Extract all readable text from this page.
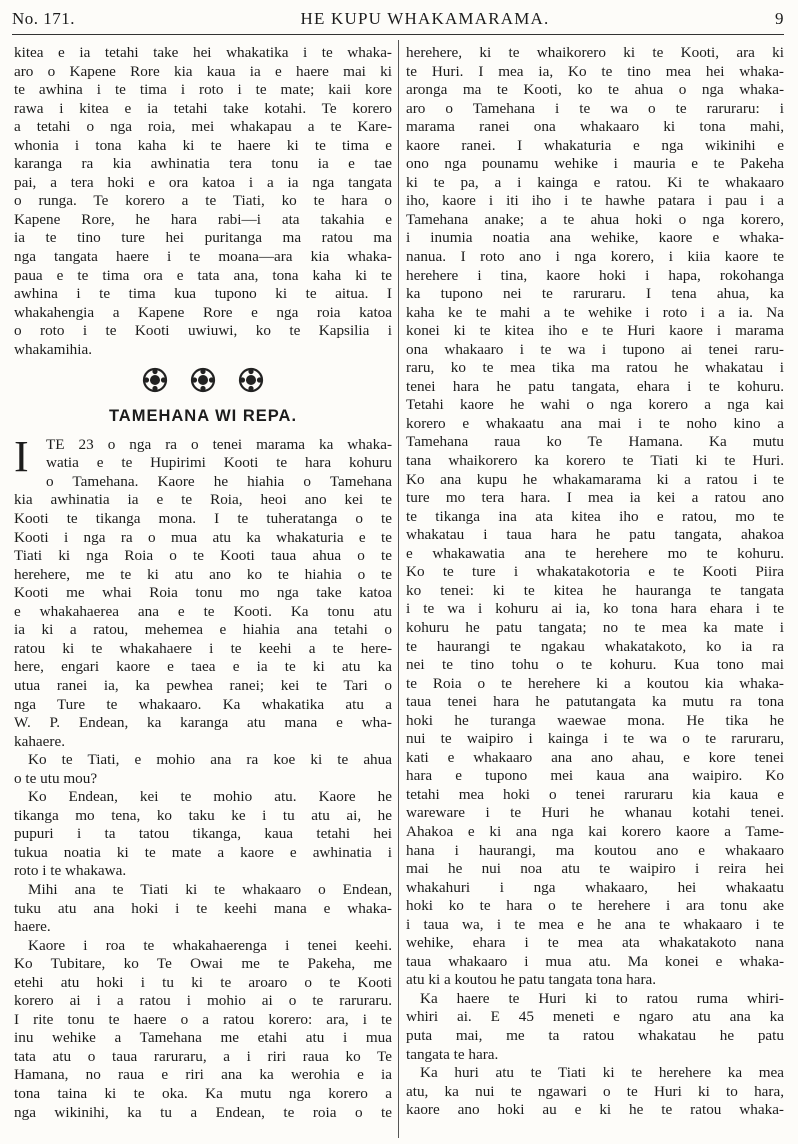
No. 171.	HE KUPU WHAKAMARAMA.	9
kitea e ia tetahi take hei whakatika i te whaka-
aro o Kapene Rore kia kaua ia e haere mai ki
te awhina i te tima i roto i te mate; kaii kore
rawa i kitea e ia tetahi take kotahi. Te korero
a tetahi o nga roia, mei whakapau a te Kare-
whonia i tona kaha ki te haere ki te tima e
karanga ra kia awhinatia tera tonu ia e tae
pai, a tera hoki e ora katoa i a ia nga tangata
o runga. Te korero a te Tiati, ko te hara o
Kapene Rore, he hara rabi—i ata takahia e
ia te tino ture hei puritanga ma ratou ma
nga tangata haere i te moana—ara kia whaka-
paua e te tima ora e tata ana, tona kaha ki te
awhina i te tima kua tupono ki te aitua. I
whakahengia a Kapene Rore e nga roia katoa
o roto i te Kooti uwiuwi, ko te Kapsilia i
whakamihia.
TAMEHANA WI REPA.
I	TE 23 o nga ra o tenei marama ka whaka-
watia e te Hupirimi Kooti te hara kohuru
o Tamehana. Kaore he hiahia o Tamehana
kia awhinatia ia e te Roia, heoi ano kei te
Kooti te tikanga mona. I te tuheratanga o te
Kooti i nga ra o mua atu ka whakaturia e te
Tiati ki nga Roia o te Kooti taua ahua o te
herehere, me te ki atu ano ko te hiahia o te
Kooti me whai Roia tonu mo nga take katoa
e whakahaerea ana e te Kooti. Ka tonu atu
ia ki a ratou, mehemea e hiahia ana tetahi o
ratou ki te whakahaere i te keehi a te here-
here, engari kaore e taea e ia te ki atu ka
utua ranei ia, ka pewhea ranei; kei te Tari o
nga Ture te whakaaro. Ka whakatika atu a
W. P. Endean, ka karanga atu mana e wha-
kahaere.
Ko te Tiati, e mohio ana ra koe ki te ahua
o te utu mou?
Ko Endean, kei te mohio atu. Kaore he
tikanga mo tena, ko taku ke i tu atu ai, he
pupuri i ta tatou tikanga, kaua tetahi hei
tukua noatia ki te mate a kaore e awhinatia i
roto i te whakawa.
Mihi ana te Tiati ki te whakaaro o Endean,
tuku atu ana hoki i te keehi mana e whaka-
haere.
Kaore i roa te whakahaerenga i tenei keehi.
Ko Tubitare, ko Te Owai me te Pakeha, me
etehi atu hoki i tu ki te aroaro o te Kooti
korero ai i a ratou i mohio ai o te raruraru.
I rite tonu te haere o a ratou korero: ara, i te
inu wehike a Tamehana me etahi atu i mua
tata atu o taua raruraru, a i riri raua ko Te
Hamana, no raua e riri ana ka werohia e ia
tona taina ki te oka. Ka mutu nga korero a
nga wikinihi, ka tu a Endean, te roia o te
herehere, ki te whaikorero ki te Kooti, ara ki
te Huri. I mea ia, Ko te tino mea hei whaka-
aronga ma te Kooti, ko te ahua o nga whaka-
aro o Tamehana i te wa o te raruraru: i
marama ranei ona whakaaro ki tona mahi,
kaore ranei. I whakaturia e nga wikinihi e
ono nga pounamu wehike i mauria e te Pakeha
ki te pa, a i kainga e ratou. Ki te whakaaro
iho, kaore i iti iho i te hawhe patara i pau i a
Tamehana anake; a te ahua hoki o nga korero,
i inumia noatia ana wehike, kaore e whaka-
nanua. I roto ano i nga korero, i kiia kaore te
herehere i tina, kaore hoki i hapa, rokohanga
ka tupono nei te raruraru. I tena ahua, ka
kaha ke te mahi a te wehike i roto i a ia. Na
konei ki te kitea iho e te Huri kaore i marama
ona whakaaro i te wa i tupono ai tenei raru-
raru, ko te mea tika ma ratou he whakatau i
tenei hara he patu tangata, ehara i te kohuru.
Tetahi kaore he wahi o nga korero a nga kai
korero e whakaatu ana mai i te noho kino a
Tamehana raua ko Te Hamana. Ka mutu
tana whaikorero ka korero te Tiati ki te Huri.
Ko ana kupu he whakamarama ki a ratou i te
ture mo tera hara. I mea ia kei a ratou ano
te tikanga ina ata kitea iho e ratou, mo te
whakatau i taua hara he patu tangata, ahakoa
e whakawatia ana te herehere mo te kohuru.
Ko te ture i whakatakotoria e te Kooti Piira
ko tenei: ki te kitea he hauranga te tangata
i te wa i kohuru ai ia, ko tona hara ehara i te
kohuru he patu tangata; no te mea ka mate i
te haurangi te ngakau whakatakoto, ko ia ra
nei te tino tohu o te kohuru. Kua tono mai
te Roia o te herehere ki a koutou kia whaka-
taua tenei hara he patutangata ka mutu ra tona
hoki he turanga waewae mona. He tika he
nui te waipiro i kainga i te wa o te raruraru,
kati e whakaaro ana ano ahau, e kore tenei
hara e tupono mei kaua ana waipiro. Ko
tetahi mea hoki o tenei raruraru kia kaua e
wareware i te Huri he whanau kotahi tenei.
Ahakoa e ki ana nga kai korero kaore a Tame-
hana i haurangi, ma koutou ano e whakaaro
mai he nui noa atu te waipiro i reira hei
whakahuri i nga whakaaro, hei whakaatu
hoki ko te hara o te herehere i ara tonu ake
i taua wa, i te mea e he ana te whakaaro i te
wehike, ehara i te mea ata whakatakoto nana
taua whakaaro i mua atu. Ma konei e whaka-
atu ki a koutou he patu tangata tona hara.
Ka haere te Huri ki to ratou ruma whiri-
whiri ai. E 45 meneti e ngaro atu ana ka
puta mai, me ta ratou whakatau he patu
tangata te hara.
Ka huri atu te Tiati ki te herehere ka mea
atu, ka nui te ngawari o te Huri ki to hara,
kaore ano hoki au e ki he te ratou whaka-
